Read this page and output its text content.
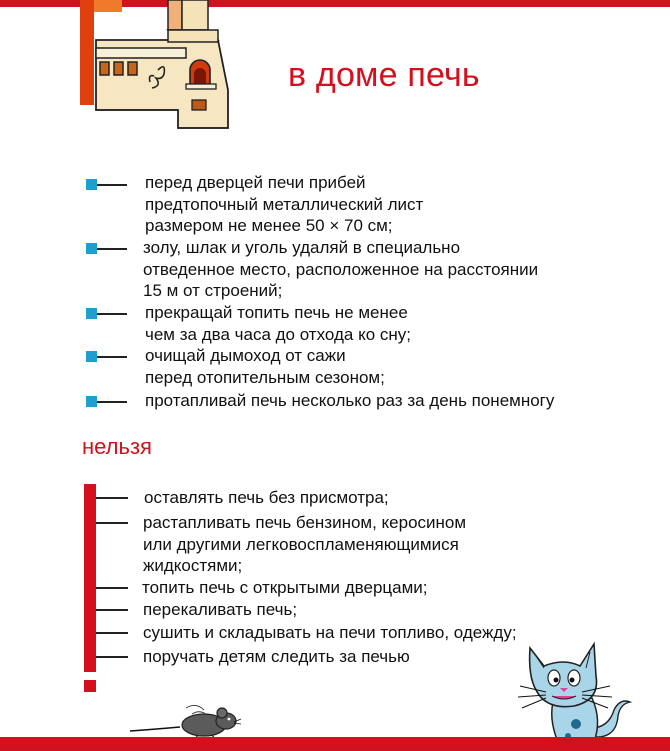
в доме печь
перед дверцей печи прибей
предтопочный металлический лист
размером не менее 50 × 70 см;
золу, шлак и уголь удаляй в специально
отведенное место, расположенное на расстоянии
15 м от строений;
прекращай топить печь не менее
чем за два часа до отхода ко сну;
очищай дымоход от сажи
перед отопительным сезоном;
протапливай печь несколько раз за день понемногу
нельзя
оставлять печь без присмотра;
растапливать печь бензином, керосином
или другими легковоспламеняющимися
жидкостями;
топить печь с открытыми дверцами;
перекаливать печь;
сушить и складывать на печи топливо, одежду;
поручать детям следить за печью
